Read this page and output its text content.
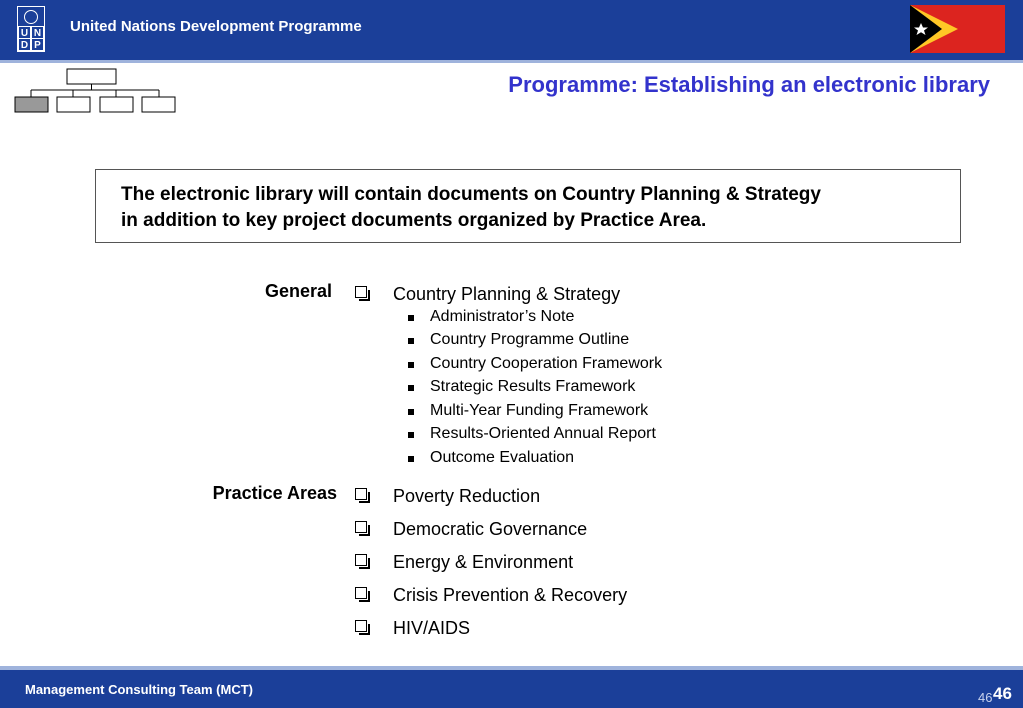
U N
D P
United Nations Development Programme
Programme: Establishing an electronic library
The electronic library will contain documents on Country Planning & Strategy
in addition to key project documents organized by Practice Area.
General	Country Planning & Strategy
Administrator’s Note
Country Programme Outline
Country Cooperation Framework
Strategic Results Framework
Multi-Year Funding Framework
Results-Oriented Annual Report
Outcome Evaluation
Practice Areas	Poverty Reduction
Democratic Governance
Energy & Environment
Crisis Prevention & Recovery
HIV/AIDS
Management Consulting Team (MCT)
46 46
